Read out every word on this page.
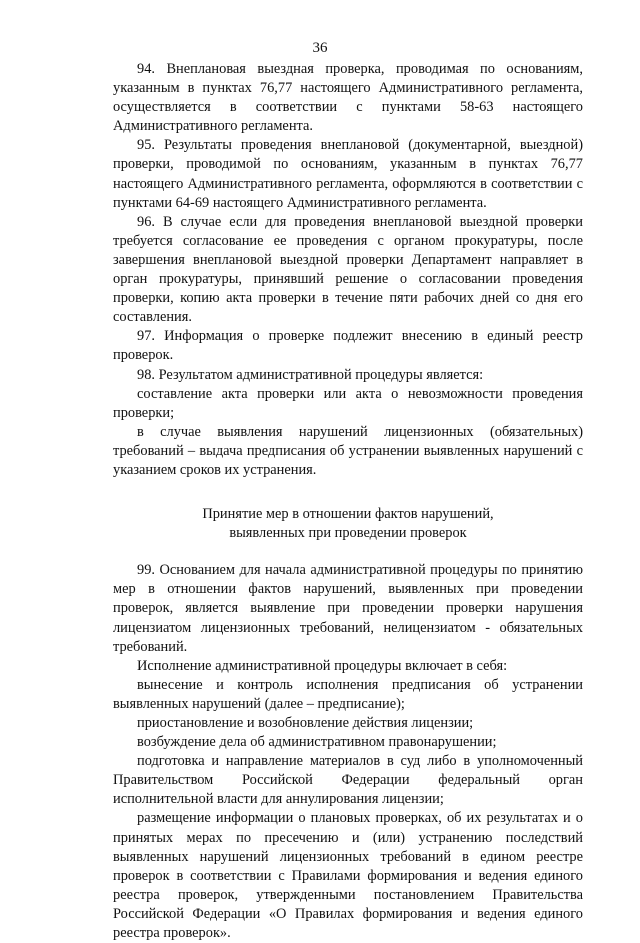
36

94. Внеплановая выездная проверка, проводимая по основаниям, указанным в пунктах 76,77 настоящего Административного регламента, осуществляется в соответствии с пунктами 58-63 настоящего Административного регламента.

95. Результаты проведения внеплановой (документарной, выездной) проверки, проводимой по основаниям, указанным в пунктах 76,77 настоящего Административного регламента, оформляются в соответствии с пунктами 64-69 настоящего Административного регламента.

96. В случае если для проведения внеплановой выездной проверки требуется согласование ее проведения с органом прокуратуры, после завершения внеплановой выездной проверки Департамент направляет в орган прокуратуры, принявший решение о согласовании проведения проверки, копию акта проверки в течение пяти рабочих дней со дня его составления.

97. Информация о проверке подлежит внесению в единый реестр проверок.

98. Результатом административной процедуры является:

составление акта проверки или акта о невозможности проведения проверки;

в случае выявления нарушений лицензионных (обязательных) требований – выдача предписания об устранении выявленных нарушений с указанием сроков их устранения.

Принятие мер в отношении фактов нарушений,
выявленных при проведении проверок

99. Основанием для начала административной процедуры по принятию мер в отношении фактов нарушений, выявленных при проведении проверок, является выявление при проведении проверки нарушения лицензиатом лицензионных требований, нелицензиатом - обязательных требований.

Исполнение административной процедуры включает в себя:

вынесение и контроль исполнения предписания об устранении выявленных нарушений (далее – предписание);

приостановление и возобновление действия лицензии;

возбуждение дела об административном правонарушении;

подготовка и направление материалов в суд либо в уполномоченный Правительством Российской Федерации федеральный орган исполнительной власти для аннулирования лицензии;

размещение информации о плановых проверках, об их результатах и о принятых мерах по пресечению и (или) устранению последствий выявленных нарушений лицензионных требований в едином реестре проверок в соответствии с Правилами формирования и ведения единого реестра проверок, утвержденными постановлением Правительства Российской Федерации «О Правилах формирования и ведения единого реестра проверок».
